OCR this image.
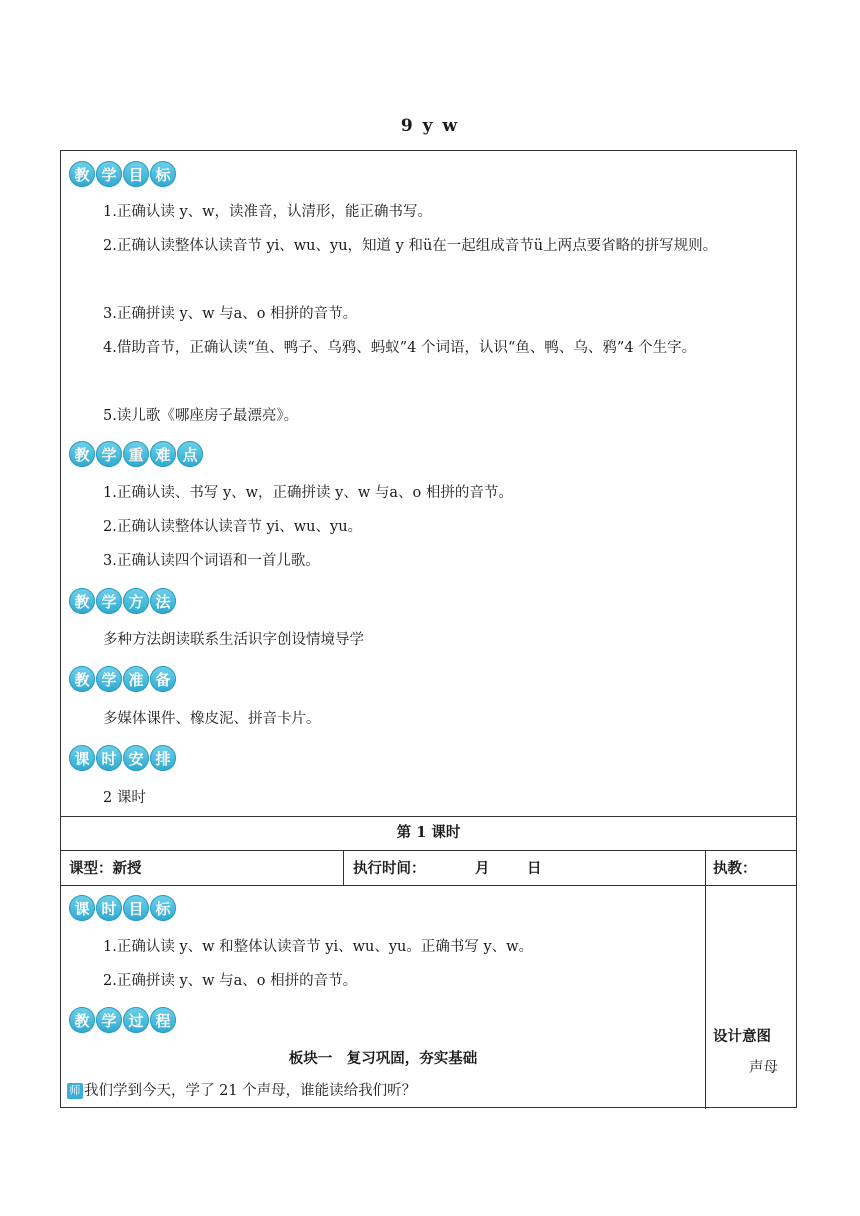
9 y w
教 学 目 标
1.正确认读 y、w，读准音，认清形，能正确书写。
2.正确认读整体认读音节 yi、wu、yu，知道 y 和ü在一起组成音节ü上两点要省略的拼写规则。
3.正确拼读 y、w 与a、o 相拼的音节。
4.借助音节，正确认读“鱼、鸭子、乌鸦、蚂蚁”4 个词语，认识“鱼、鸭、乌、鸦”4 个生字。
5.读儿歌《哪座房子最漂亮》。
教 学 重 难 点
1.正确认读、书写 y、w，正确拼读 y、w 与a、o 相拼的音节。
2.正确认读整体认读音节 yi、wu、yu。
3.正确认读四个词语和一首儿歌。
教 学 方 法
多种方法朗读联系生活识字创设情境导学
教 学 准 备
多媒体课件、橡皮泥、拼音卡片。
课 时 安 排
2 课时
第 1 课时
课型：新授	执行时间：	月	日	执教：
课 时 目 标
1.正确认读 y、w 和整体认读音节 yi、wu、yu。正确书写 y、w。
2.正确拼读 y、w 与a、o 相拼的音节。
教 学 过 程
板块一　复习巩固，夯实基础
师 我们学到今天，学了 21 个声母，谁能读给我们听？
设计意图
声母
